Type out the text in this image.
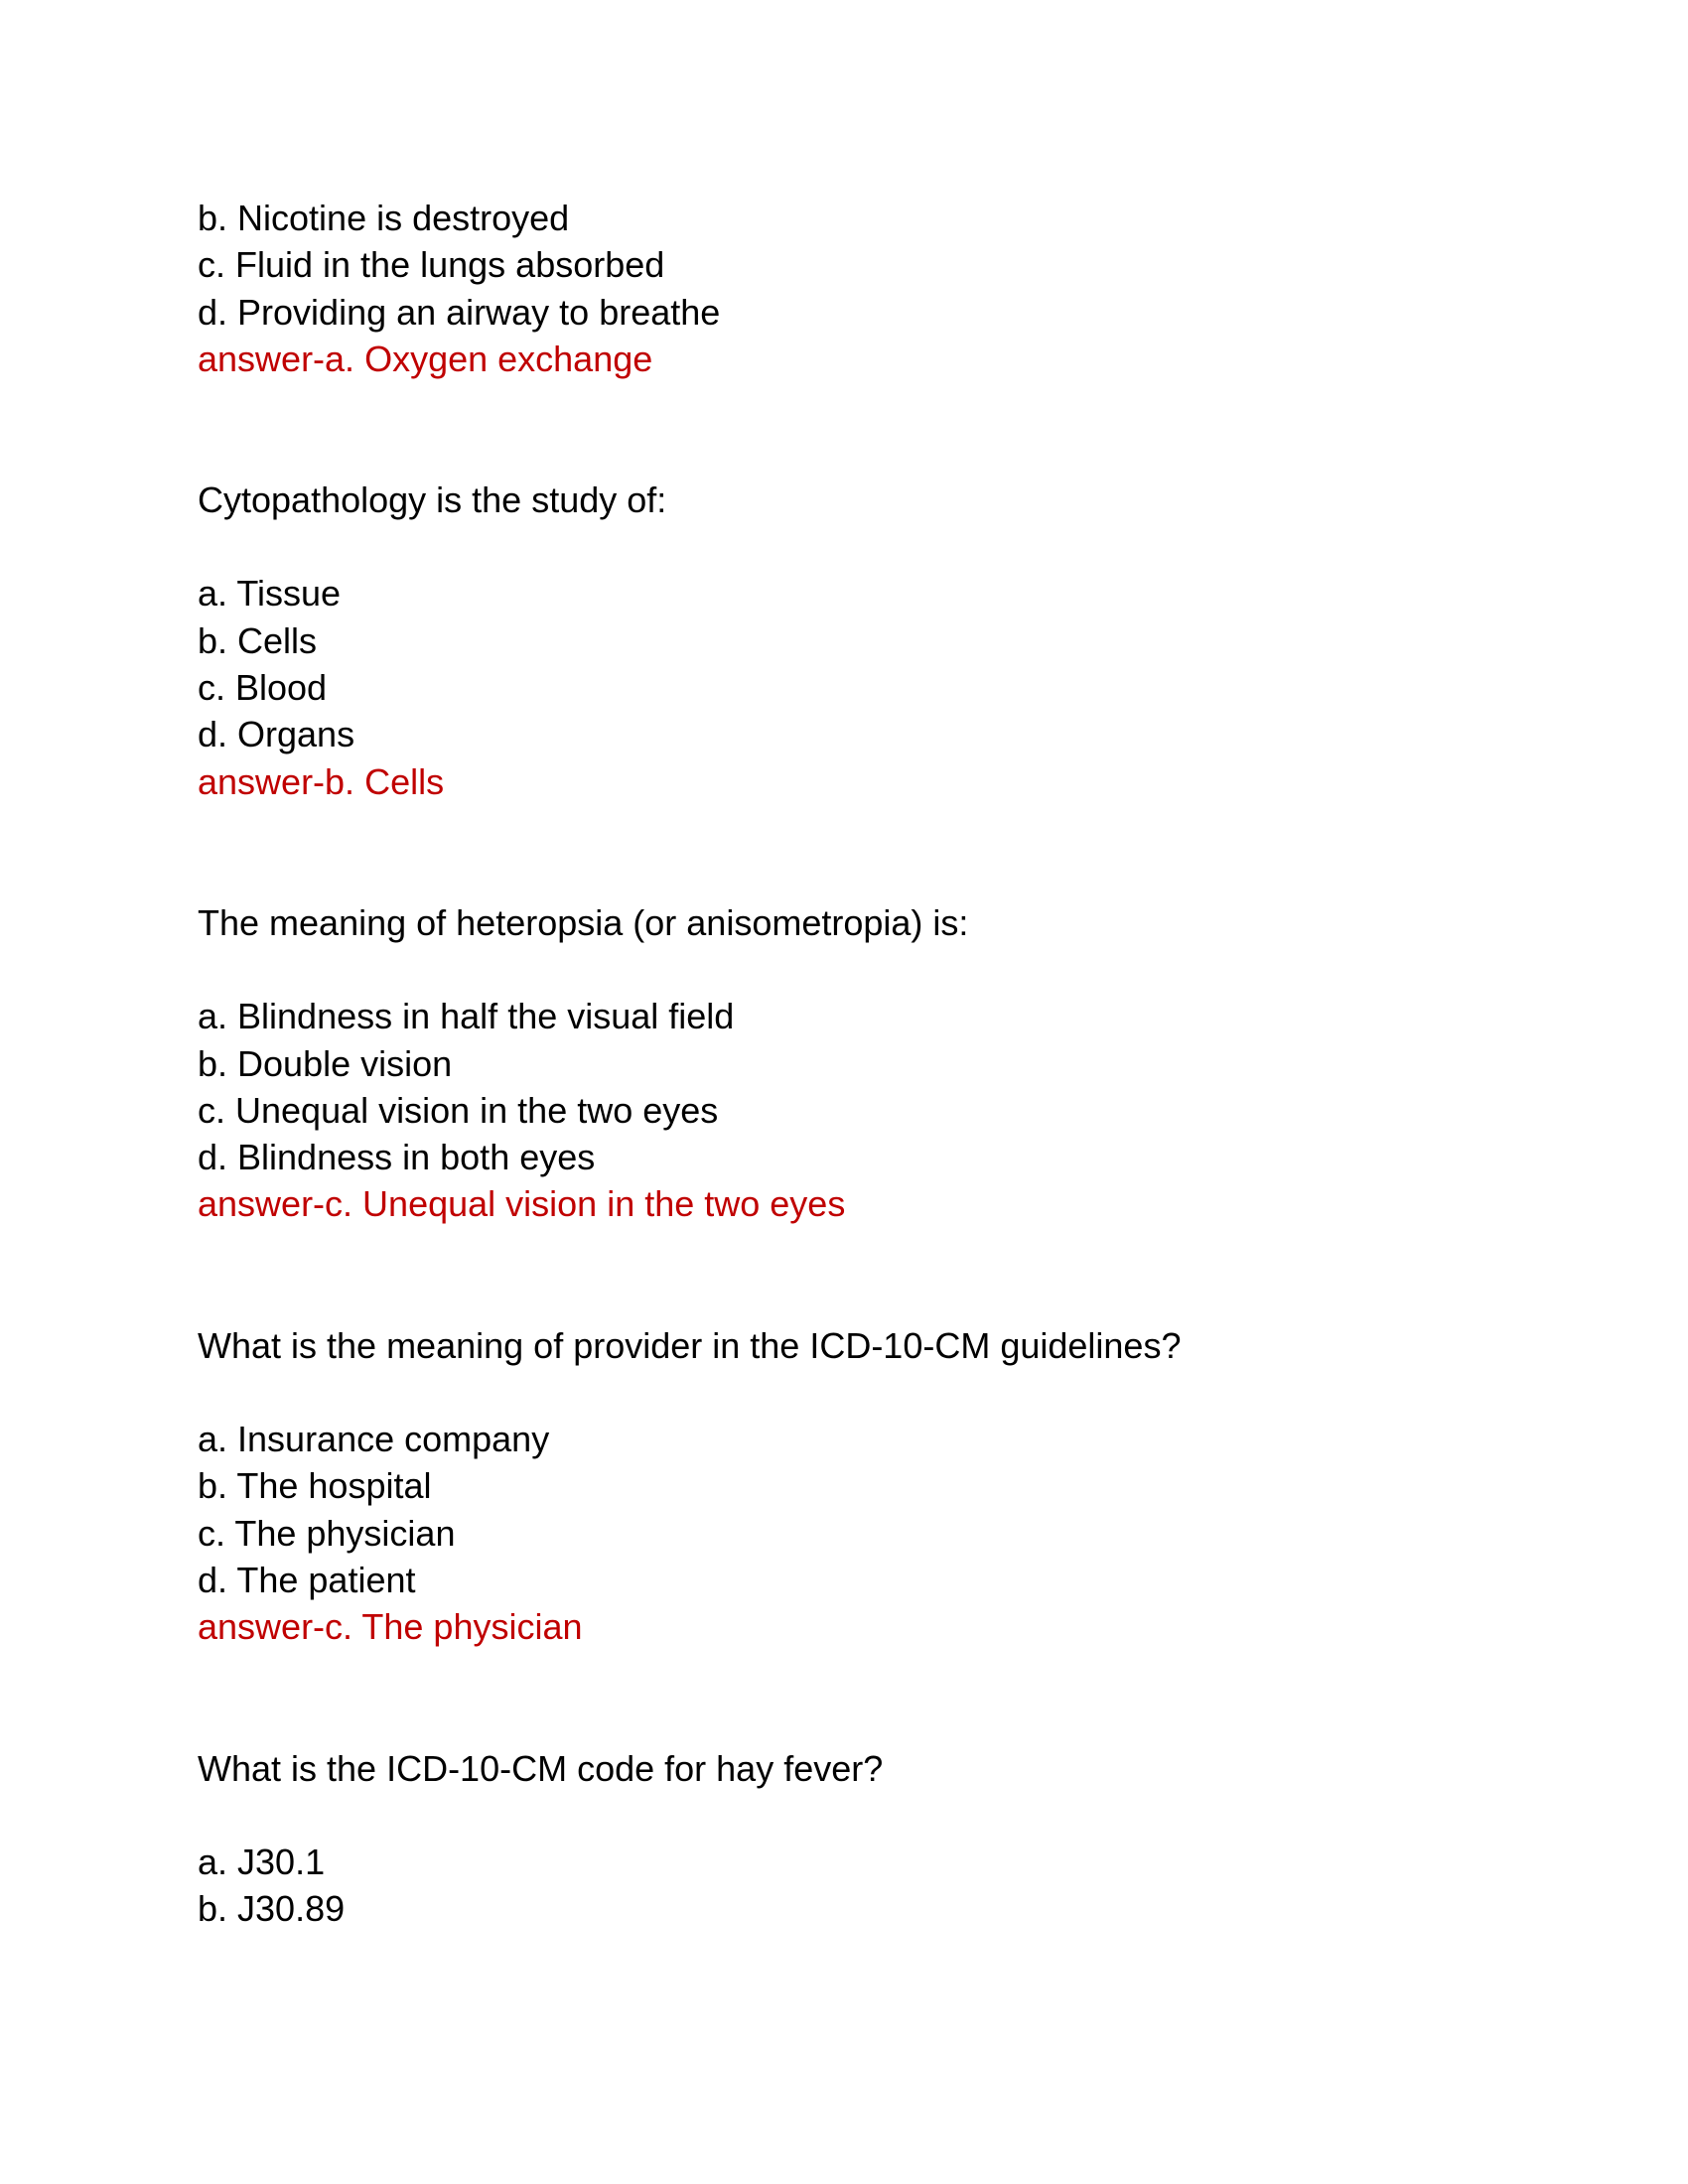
b. Nicotine is destroyed
c. Fluid in the lungs absorbed
d. Providing an airway to breathe
answer-a. Oxygen exchange
Cytopathology is the study of:
a. Tissue
b. Cells
c. Blood
d. Organs
answer-b. Cells
The meaning of heteropsia (or anisometropia) is:
a. Blindness in half the visual field
b. Double vision
c. Unequal vision in the two eyes
d. Blindness in both eyes
answer-c. Unequal vision in the two eyes
What is the meaning of provider in the ICD-10-CM guidelines?
a. Insurance company
b. The hospital
c. The physician
d. The patient
answer-c. The physician
What is the ICD-10-CM code for hay fever?
a. J30.1
b. J30.89
